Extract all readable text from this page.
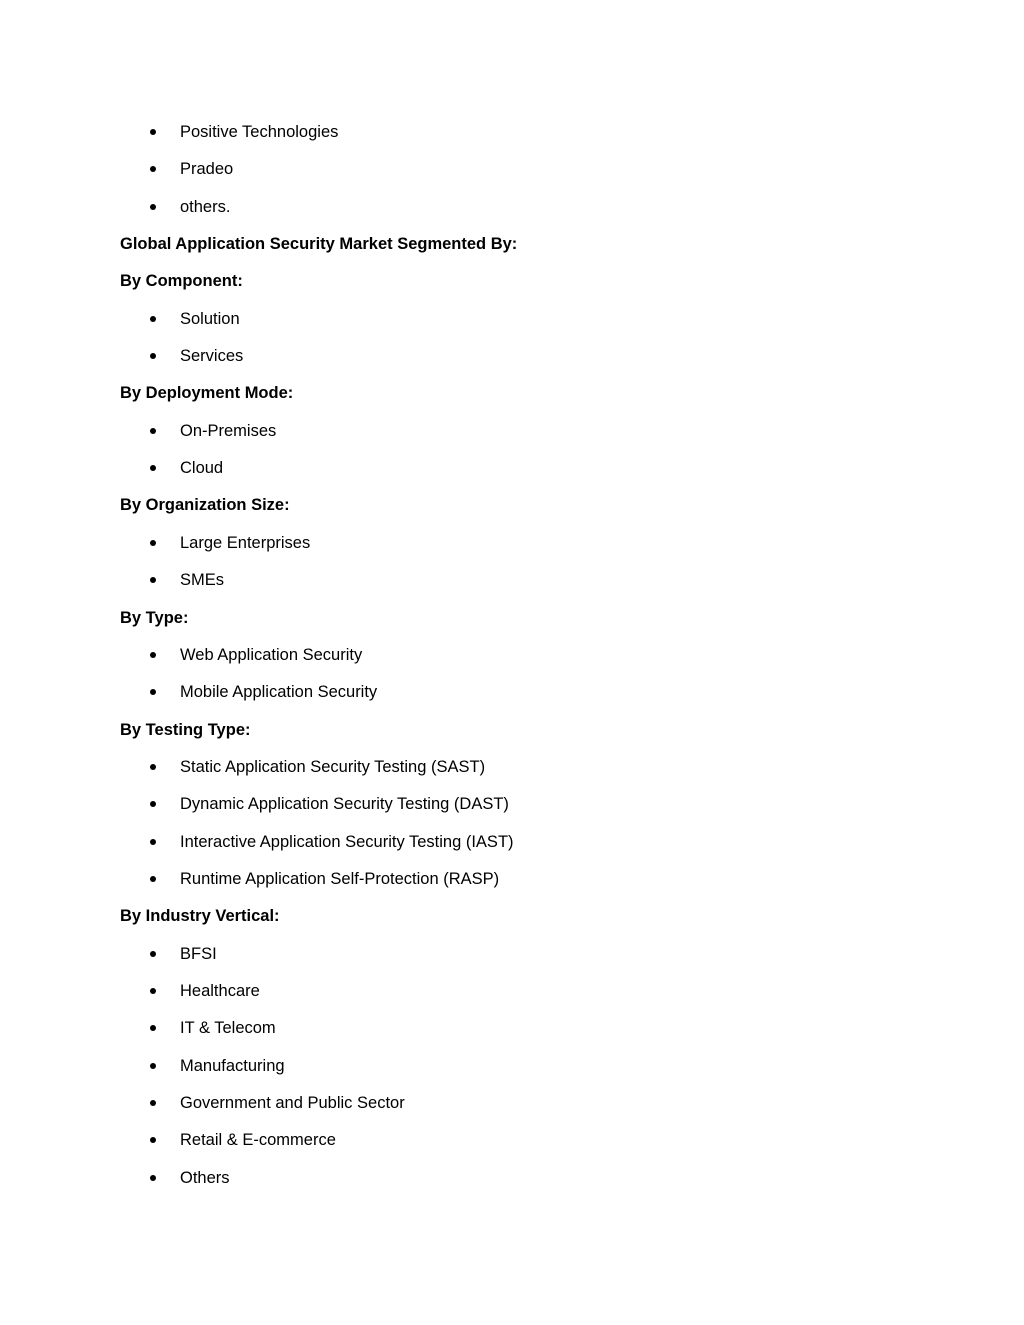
Positive Technologies
Pradeo
others.
Global Application Security Market Segmented By:
By Component:
Solution
Services
By Deployment Mode:
On-Premises
Cloud
By Organization Size:
Large Enterprises
SMEs
By Type:
Web Application Security
Mobile Application Security
By Testing Type:
Static Application Security Testing (SAST)
Dynamic Application Security Testing (DAST)
Interactive Application Security Testing (IAST)
Runtime Application Self-Protection (RASP)
By Industry Vertical:
BFSI
Healthcare
IT & Telecom
Manufacturing
Government and Public Sector
Retail & E-commerce
Others
